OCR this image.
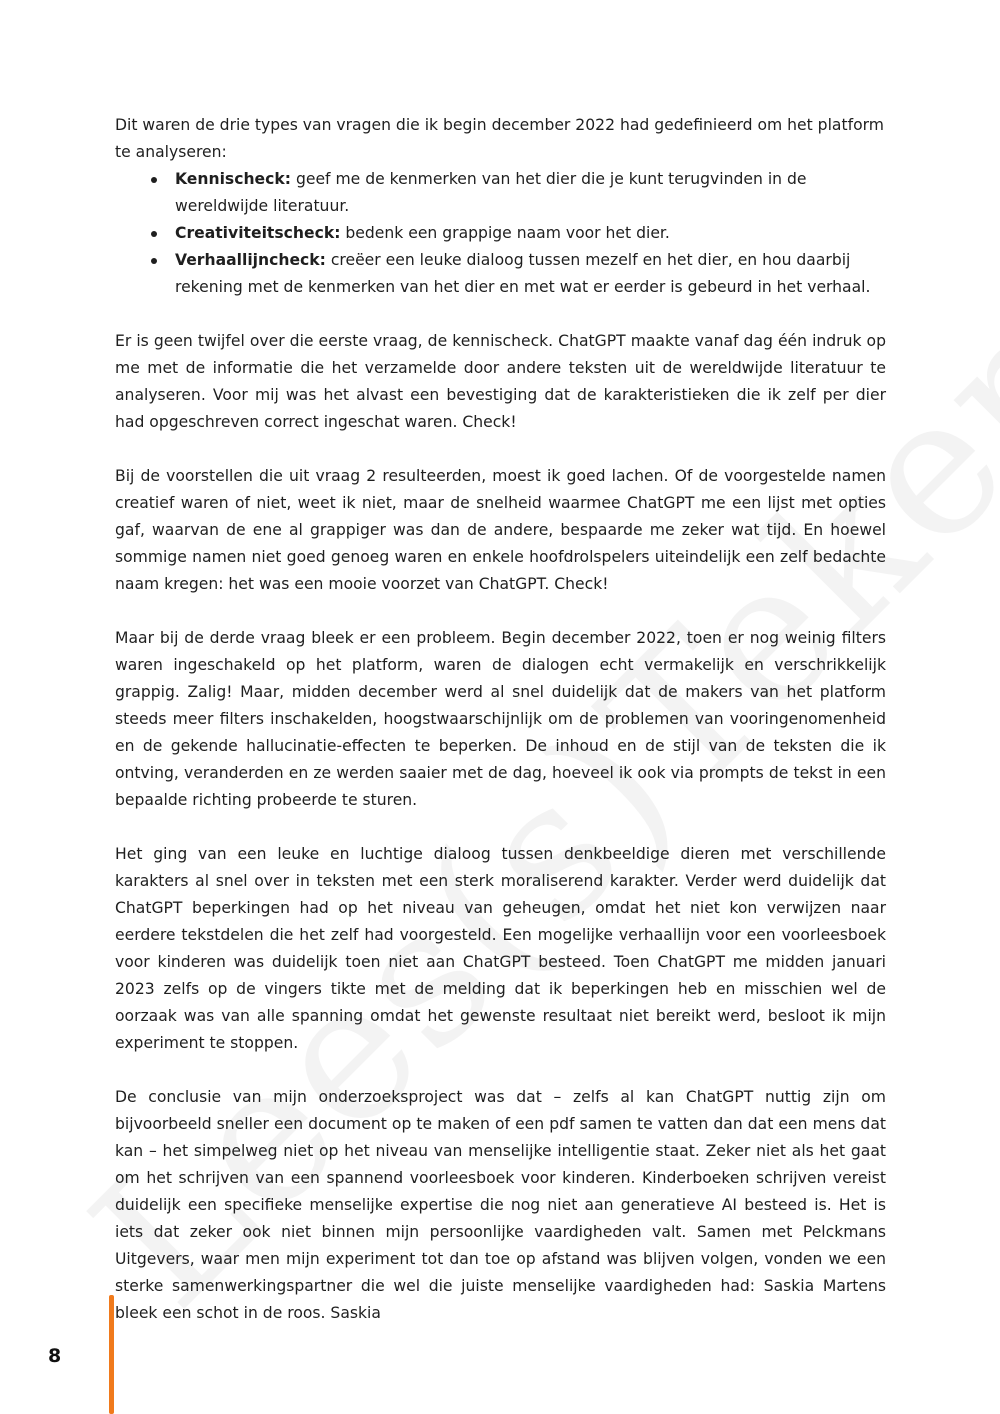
Dit waren de drie types van vragen die ik begin december 2022 had gedefinieerd om het platform te analyseren:

Kennischeck: geef me de kenmerken van het dier die je kunt terugvinden in de wereldwijde literatuur.
Creativiteitscheck: bedenk een grappige naam voor het dier.
Verhaallijncheck: creëer een leuke dialoog tussen mezelf en het dier, en hou daarbij rekening met de kenmerken van het dier en met wat er eerder is gebeurd in het verhaal.

Er is geen twijfel over die eerste vraag, de kennischeck. ChatGPT maakte vanaf dag één indruk op me met de informatie die het verzamelde door andere teksten uit de wereldwijde literatuur te analyseren. Voor mij was het alvast een bevestiging dat de karakteristieken die ik zelf per dier had opgeschreven correct ingeschat waren. Check!

Bij de voorstellen die uit vraag 2 resulteerden, moest ik goed lachen. Of de voorgestelde namen creatief waren of niet, weet ik niet, maar de snelheid waarmee ChatGPT me een lijst met opties gaf, waarvan de ene al grappiger was dan de andere, bespaarde me zeker wat tijd. En hoewel sommige namen niet goed genoeg waren en enkele hoofdrolspelers uiteindelijk een zelf bedachte naam kregen: het was een mooie voorzet van ChatGPT. Check!

Maar bij de derde vraag bleek er een probleem. Begin december 2022, toen er nog weinig filters waren ingeschakeld op het platform, waren de dialogen echt vermakelijk en verschrikkelijk grappig. Zalig! Maar, midden december werd al snel duidelijk dat de makers van het platform steeds meer filters inschakelden, hoogstwaarschijnlijk om de problemen van vooringenomenheid en de gekende hallucinatie-effecten te beperken. De inhoud en de stijl van de teksten die ik ontving, veranderden en ze werden saaier met de dag, hoeveel ik ook via prompts de tekst in een bepaalde richting probeerde te sturen.

Het ging van een leuke en luchtige dialoog tussen denkbeeldige dieren met verschillende karakters al snel over in teksten met een sterk moraliserend karakter. Verder werd duidelijk dat ChatGPT beperkingen had op het niveau van geheugen, omdat het niet kon verwijzen naar eerdere tekstdelen die het zelf had voorgesteld. Een mogelijke verhaallijn voor een voorleesboek voor kinderen was duidelijk toen niet aan ChatGPT besteed. Toen ChatGPT me midden januari 2023 zelfs op de vingers tikte met de melding dat ik beperkingen heb en misschien wel de oorzaak was van alle spanning omdat het gewenste resultaat niet bereikt werd, besloot ik mijn experiment te stoppen.

De conclusie van mijn onderzoeksproject was dat – zelfs al kan ChatGPT nuttig zijn om bijvoorbeeld sneller een document op te maken of een pdf samen te vatten dan dat een mens dat kan – het simpelweg niet op het niveau van menselijke intelligentie staat. Zeker niet als het gaat om het schrijven van een spannend voorleesboek voor kinderen. Kinderboeken schrijven vereist duidelijk een specifieke menselijke expertise die nog niet aan generatieve AI besteed is. Het is iets dat zeker ook niet binnen mijn persoonlijke vaardigheden valt. Samen met Pelckmans Uitgevers, waar men mijn experiment tot dan toe op afstand was blijven volgen, vonden we een sterke samenwerkingspartner die wel die juiste menselijke vaardigheden had: Saskia Martens bleek een schot in de roos. Saskia

8
